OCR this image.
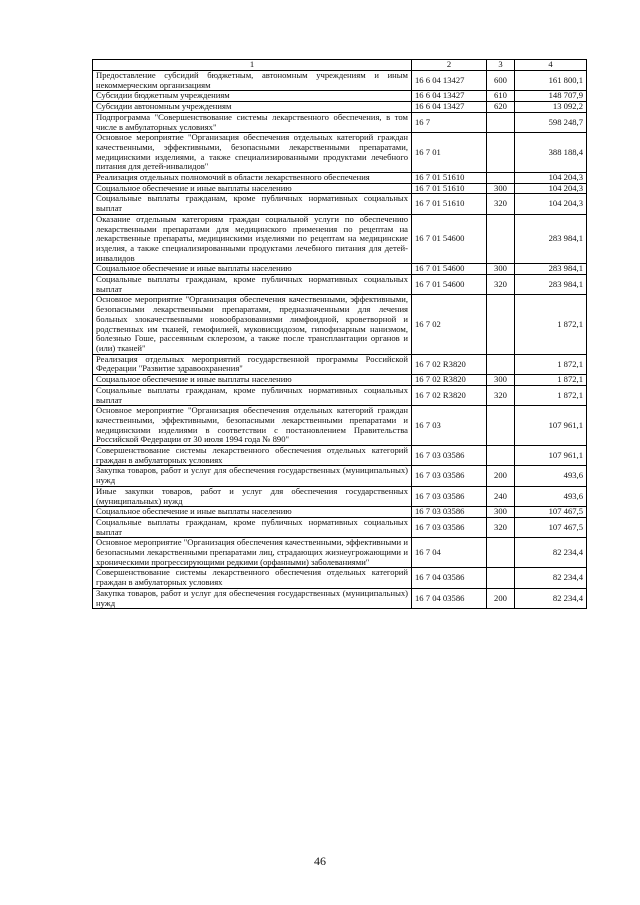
1	2	3	4
Предоставление субсидий бюджетным, автономным учреждениям и иным некоммерческим организациям	16 6 04 13427	600	161 800,1
Субсидии бюджетным учреждениям	16 6 04 13427	610	148 707,9
Субсидии автономным учреждениям	16 6 04 13427	620	13 092,2
Подпрограмма "Совершенствование системы лекарственного обеспечения, в том числе в амбулаторных условиях"	16 7		598 248,7
Основное мероприятие "Организация обеспечения отдельных категорий граждан качественными, эффективными, безопасными лекарственными препаратами, медицинскими изделиями, а также специализированными продуктами лечебного питания для детей-инвалидов"	16 7 01		388 188,4
Реализация отдельных полномочий в области лекарственного обеспечения	16 7 01 51610		104 204,3
Социальное обеспечение и иные выплаты населению	16 7 01 51610	300	104 204,3
Социальные выплаты гражданам, кроме публичных нормативных социальных выплат	16 7 01 51610	320	104 204,3
Оказание отдельным категориям граждан социальной услуги по обеспечению лекарственными препаратами для медицинского применения по рецептам на лекарственные препараты, медицинскими изделиями по рецептам на медицинские изделия, а также специализированными продуктами лечебного питания для детей-инвалидов	16 7 01 54600		283 984,1
Социальное обеспечение и иные выплаты населению	16 7 01 54600	300	283 984,1
Социальные выплаты гражданам, кроме публичных нормативных социальных выплат	16 7 01 54600	320	283 984,1
Основное мероприятие "Организация обеспечения качественными, эффективными, безопасными лекарственными препаратами, предназначенными для лечения больных злокачественными новообразованиями лимфоидной, кроветворной и родственных им тканей, гемофилией, муковисцидозом, гипофизарным нанизмом, болезнью Гоше, рассеянным склерозом, а также после трансплантации органов и (или) тканей"	16 7 02		1 872,1
Реализация отдельных мероприятий государственной программы Российской Федерации "Развитие здравоохранения"	16 7 02 R3820		1 872,1
Социальное обеспечение и иные выплаты населению	16 7 02 R3820	300	1 872,1
Социальные выплаты гражданам, кроме публичных нормативных социальных выплат	16 7 02 R3820	320	1 872,1
Основное мероприятие "Организация обеспечения отдельных категорий граждан качественными, эффективными, безопасными лекарственными препаратами и медицинскими изделиями в соответствии с постановлением Правительства Российской Федерации от 30 июля 1994 года № 890"	16 7 03		107 961,1
Совершенствование системы лекарственного обеспечения отдельных категорий граждан в амбулаторных условиях	16 7 03 03586		107 961,1
Закупка товаров, работ и услуг для обеспечения государственных (муниципальных) нужд	16 7 03 03586	200	493,6
Иные закупки товаров, работ и услуг для обеспечения государственных (муниципальных) нужд	16 7 03 03586	240	493,6
Социальное обеспечение и иные выплаты населению	16 7 03 03586	300	107 467,5
Социальные выплаты гражданам, кроме публичных нормативных социальных выплат	16 7 03 03586	320	107 467,5
Основное мероприятие "Организация обеспечения качественными, эффективными и безопасными лекарственными препаратами лиц, страдающих жизнеугрожающими и хроническими прогрессирующими редкими (орфанными) заболеваниями"	16 7 04		82 234,4
Совершенствование системы лекарственного обеспечения отдельных категорий граждан в амбулаторных условиях	16 7 04 03586		82 234,4
Закупка товаров, работ и услуг для обеспечения государственных (муниципальных) нужд	16 7 04 03586	200	82 234,4
46
